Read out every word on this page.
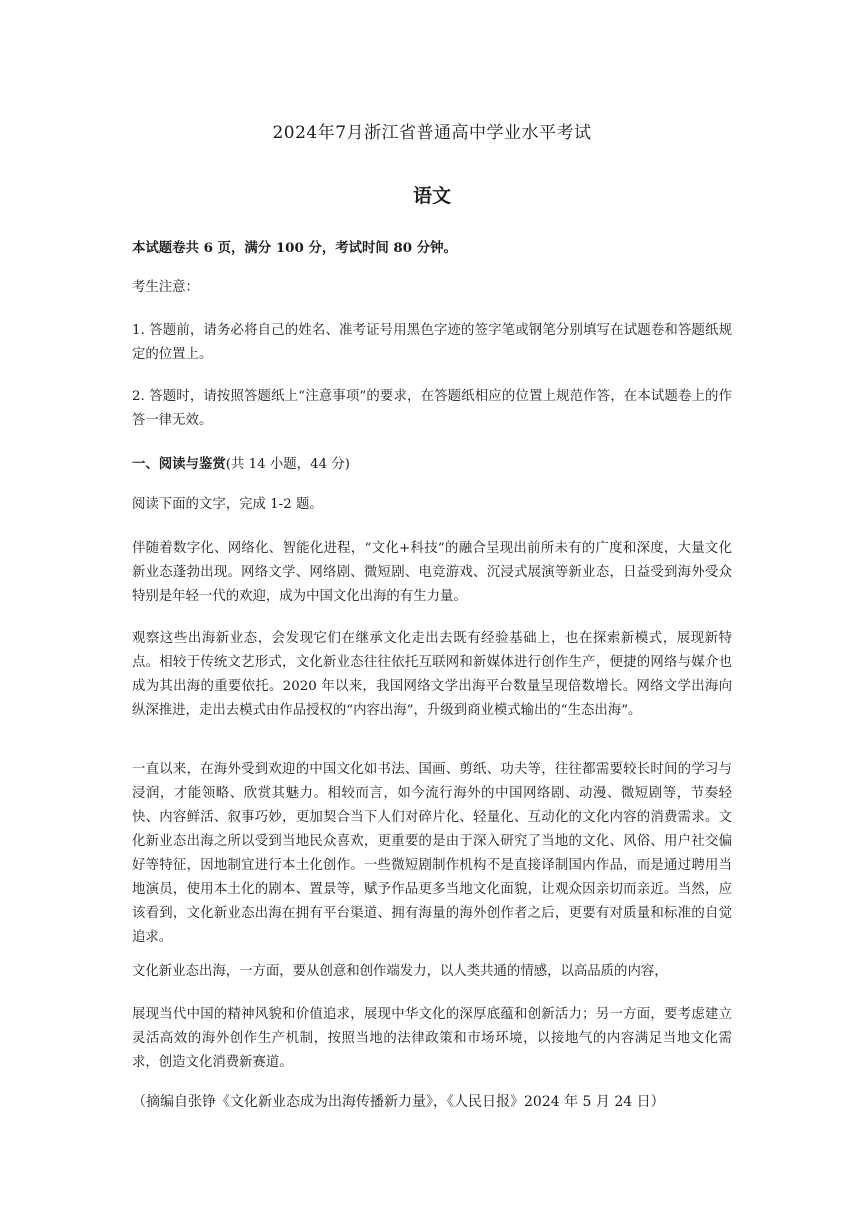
2024年7月浙江省普通高中学业水平考试
语文
本试题卷共 6 页，满分 100 分，考试时间 80 分钟。
考生注意：
1. 答题前，请务必将自己的姓名、准考证号用黑色字迹的签字笔或钢笔分别填写在试题卷和答题纸规定的位置上。
2. 答题时，请按照答题纸上“注意事项”的要求，在答题纸相应的位置上规范作答，在本试题卷上的作答一律无效。
一、阅读与鉴赏(共 14 小题，44 分)
阅读下面的文字，完成 1-2 题。
伴随着数字化、网络化、智能化进程，“文化+科技”的融合呈现出前所未有的广度和深度，大量文化新业态蓬勃出现。网络文学、网络剧、微短剧、电竞游戏、沉浸式展演等新业态，日益受到海外受众特别是年轻一代的欢迎，成为中国文化出海的有生力量。
观察这些出海新业态，会发现它们在继承文化走出去既有经验基础上，也在探索新模式，展现新特点。相较于传统文艺形式，文化新业态往往依托互联网和新媒体进行创作生产，便捷的网络与媒介也成为其出海的重要依托。2020 年以来，我国网络文学出海平台数量呈现倍数增长。网络文学出海向纵深推进，走出去模式由作品授权的“内容出海”，升级到商业模式输出的“生态出海”。
一直以来，在海外受到欢迎的中国文化如书法、国画、剪纸、功夫等，往往都需要较长时间的学习与浸润，才能领略、欣赏其魅力。相较而言，如今流行海外的中国网络剧、动漫、微短剧等，节奏轻快、内容鲜活、叙事巧妙，更加契合当下人们对碎片化、轻量化、互动化的文化内容的消费需求。文化新业态出海之所以受到当地民众喜欢，更重要的是由于深入研究了当地的文化、风俗、用户社交偏好等特征，因地制宜进行本土化创作。一些微短剧制作机构不是直接译制国内作品，而是通过聘用当地演员，使用本土化的剧本、置景等，赋予作品更多当地文化面貌，让观众因亲切而亲近。当然，应该看到，文化新业态出海在拥有平台渠道、拥有海量的海外创作者之后，更要有对质量和标准的自觉追求。
文化新业态出海，一方面，要从创意和创作端发力，以人类共通的情感，以高品质的内容，
展现当代中国的精神风貌和价值追求，展现中华文化的深厚底蕴和创新活力；另一方面，要考虑建立灵活高效的海外创作生产机制，按照当地的法律政策和市场环境，以接地气的内容满足当地文化需求，创造文化消费新赛道。
（摘编自张铮《文化新业态成为出海传播新力量》，《人民日报》2024 年 5 月 24 日）
